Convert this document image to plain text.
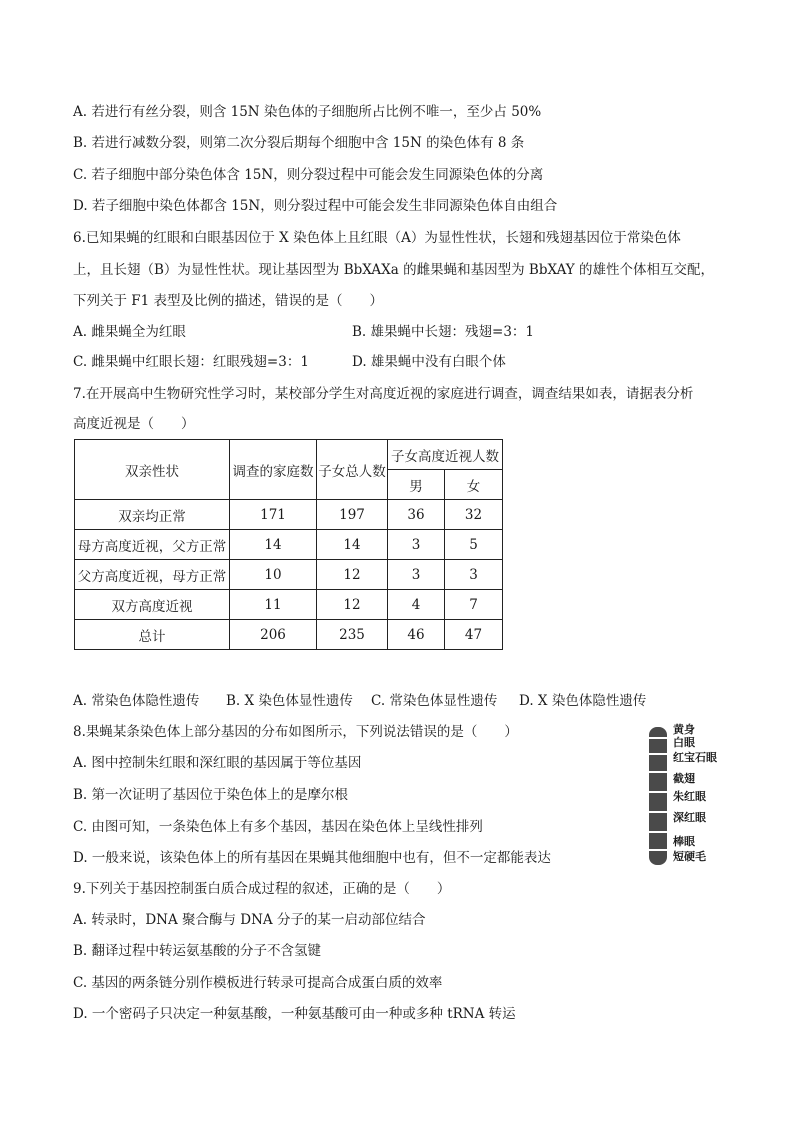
A. 若进行有丝分裂，则含 15N 染色体的子细胞所占比例不唯一，至少占 50%
B. 若进行减数分裂，则第二次分裂后期每个细胞中含 15N 的染色体有 8 条
C. 若子细胞中部分染色体含 15N，则分裂过程中可能会发生同源染色体的分离
D. 若子细胞中染色体都含 15N，则分裂过程中可能会发生非同源染色体自由组合
6.已知果蝇的红眼和白眼基因位于 X 染色体上且红眼（A）为显性性状，长翅和残翅基因位于常染色体
上，且长翅（B）为显性性状。现让基因型为 BbXAXa 的雌果蝇和基因型为 BbXAY 的雄性个体相互交配，
下列关于 F1 表型及比例的描述，错误的是（　　）
A. 雌果蝇全为红眼	B. 雄果蝇中长翅：残翅=3：1
C. 雌果蝇中红眼长翅：红眼残翅=3：1	D. 雄果蝇中没有白眼个体
7.在开展高中生物研究性学习时，某校部分学生对高度近视的家庭进行调查，调查结果如表，请据表分析
高度近视是（　　）
双亲性状	调查的家庭数	子女总人数	子女高度近视人数	
			男	女
双亲均正常	171	197	36	32
母方高度近视，父方正常	14	14	3	5
父方高度近视，母方正常	10	12	3	3
双方高度近视	11	12	4	7
总计	206	235	46	47
A. 常染色体隐性遗传 B. X 染色体显性遗传 C. 常染色体显性遗传 D. X 染色体隐性遗传
8.果蝇某条染色体上部分基因的分布如图所示，下列说法错误的是（　　）
A. 图中控制朱红眼和深红眼的基因属于等位基因
B. 第一次证明了基因位于染色体上的是摩尔根
C. 由图可知，一条染色体上有多个基因，基因在染色体上呈线性排列
D. 一般来说，该染色体上的所有基因在果蝇其他细胞中也有，但不一定都能表达
黄身
白眼
红宝石眼
截翅
朱红眼
深红眼
棒眼
短硬毛
9.下列关于基因控制蛋白质合成过程的叙述，正确的是（　　）
A. 转录时，DNA 聚合酶与 DNA 分子的某一启动部位结合
B. 翻译过程中转运氨基酸的分子不含氢键
C. 基因的两条链分别作模板进行转录可提高合成蛋白质的效率
D. 一个密码子只决定一种氨基酸，一种氨基酸可由一种或多种 tRNA 转运
